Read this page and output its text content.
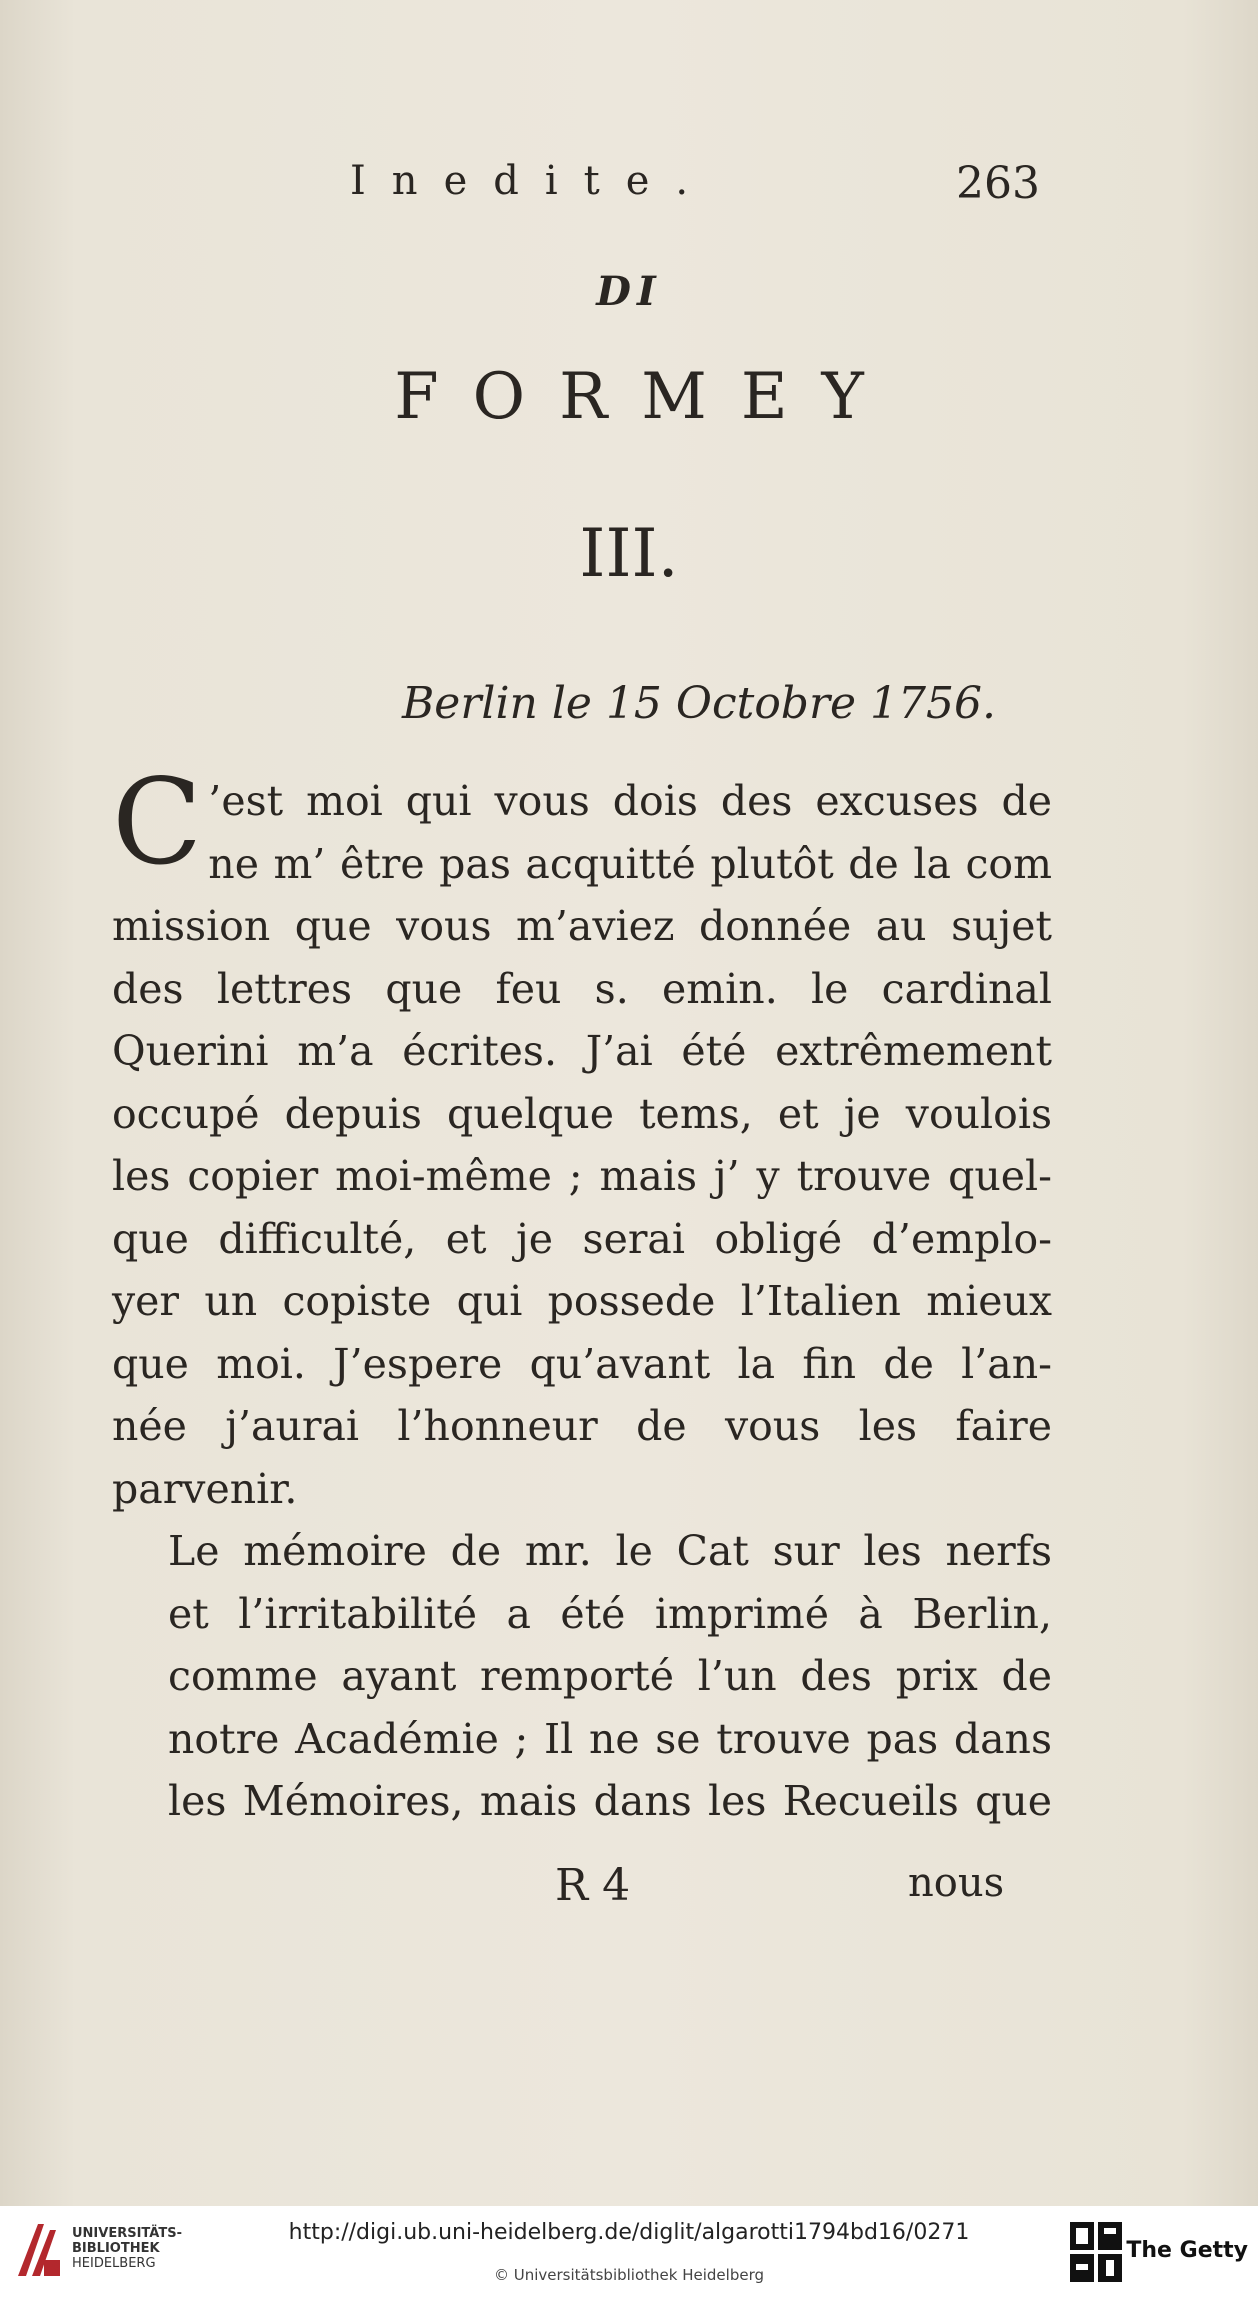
Inedite.	263
DI
FORMEY
III.
Berlin le 15 Octobre 1756.
C ’est moi qui vous dois des excuses de
ne m’ être pas acquitté plutôt de la com
mission que vous m’aviez donnée au sujet
des lettres que feu s. emin. le cardinal
Querini m’a écrites. J’ai été extrêmement
occupé depuis quelque tems, et je voulois
les copier moi-même ; mais j’ y trouve quel-
que difficulté, et je serai obligé d’emplo-
yer un copiste qui possede l’Italien mieux
que moi. J’espere qu’avant la fin de l’an-
née j’aurai l’honneur de vous les faire
parvenir.
Le mémoire de mr. le Cat sur les nerfs
et l’irritabilité a été imprimé à Berlin,
comme ayant remporté l’un des prix de
notre Académie ; Il ne se trouve pas dans
les Mémoires, mais dans les Recueils que
R 4	nous
UNIVERSITÄTS-
BIBLIOTHEK
HEIDELBERG
http://digi.ub.uni-heidelberg.de/diglit/algarotti1794bd16/0271
© Universitätsbibliothek Heidelberg
The Getty
